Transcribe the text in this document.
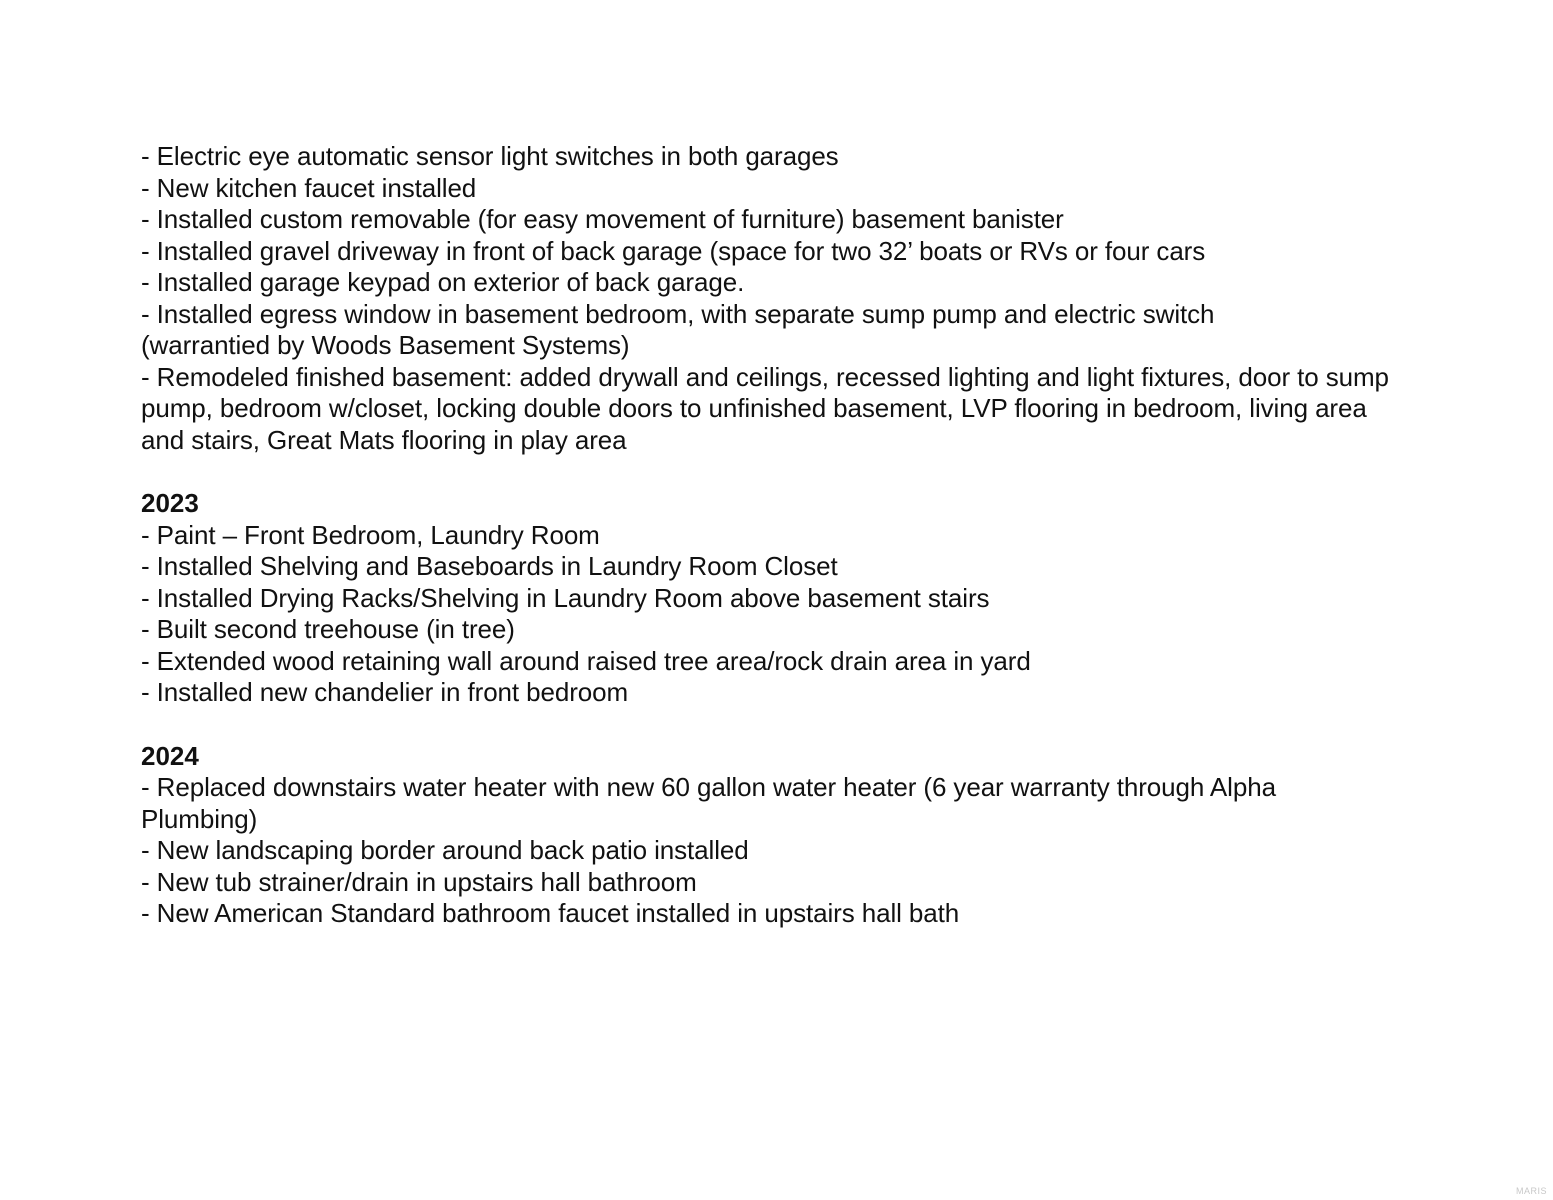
- Electric eye automatic sensor light switches in both garages
- New kitchen faucet installed
- Installed custom removable (for easy movement of furniture) basement banister
- Installed gravel driveway in front of back garage (space for two 32’ boats or RVs or four cars
- Installed garage keypad on exterior of back garage.
- Installed egress window in basement bedroom, with separate sump pump and electric switch (warrantied by Woods Basement Systems)
- Remodeled finished basement: added drywall and ceilings, recessed lighting and light fixtures, door to sump pump, bedroom w/closet, locking double doors to unfinished basement, LVP flooring in bedroom, living area and stairs, Great Mats flooring in play area
2023
- Paint – Front Bedroom, Laundry Room
- Installed Shelving and Baseboards in Laundry Room Closet
- Installed Drying Racks/Shelving in Laundry Room above basement stairs
- Built second treehouse (in tree)
- Extended wood retaining wall around raised tree area/rock drain area in yard
- Installed new chandelier in front bedroom
2024
- Replaced downstairs water heater with new 60 gallon water heater (6 year warranty through Alpha Plumbing)
- New landscaping border around back patio installed
- New tub strainer/drain in upstairs hall bathroom
- New American Standard bathroom faucet installed in upstairs hall bath
MARIS
